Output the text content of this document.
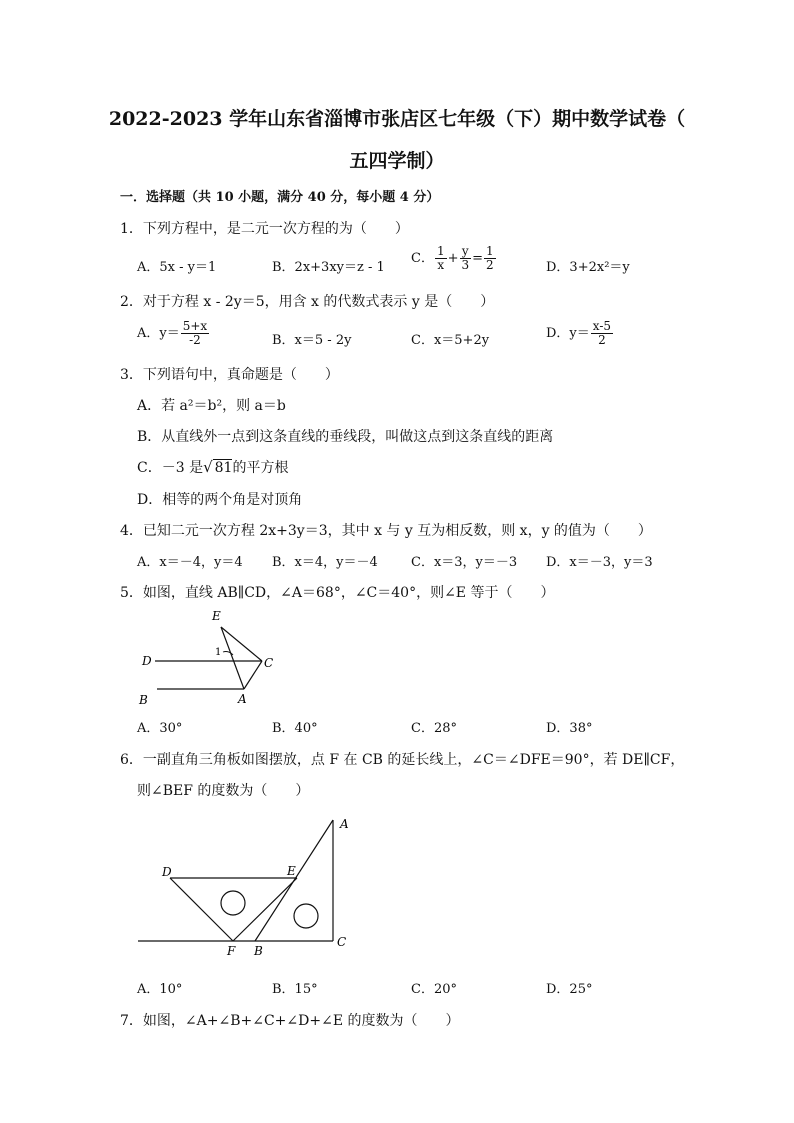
2022-2023 学年山东省淄博市张店区七年级（下）期中数学试卷（
五四学制）
一．选择题（共 10 小题，满分 40 分，每小题 4 分）
1．下列方程中，是二元一次方程的为（　　）
A．5x - y＝1	B．2x+3xy＝z - 1
C． $\frac{1}{x} + \frac{y}{3} = \frac{1}{2}$	D．3+2x²＝y
2．对于方程 x - 2y＝5，用含 x 的代数式表示 y 是（　　）
A．$y= \frac{5+x}{-2}$	B．x＝5 - 2y	C．x＝5+2y	D．$y= \frac{x-5}{2}$
3．下列语句中，真命题是（　　）
A．若 a²＝b²，则 a＝b
B．从直线外一点到这条直线的垂线段，叫做这点到这条直线的距离
C．－3 是√ 81的平方根
D．相等的两个角是对顶角
4．已知二元一次方程 2x+3y＝3，其中 x 与 y 互为相反数，则 x，y 的值为（　　）
A．x＝－4，y＝4 B．x＝4，y＝－4	C．x＝3，y＝－3 D．x＝－3，y＝3
5．如图，直线 AB∥CD，∠A＝68°，∠C＝40°，则∠E 等于（　　）
E
D	C
B	A
1
A．30°	B．40°	C．28°	D．38°
6．一副直角三角板如图摆放，点 F 在 CB 的延长线上，∠C＝∠DFE＝90°，若 DE∥CF，
则∠BEF 的度数为（　　）
A
D	E
F B
C
A．10°	B．15°	C．20°	D．25°
7．如图，∠A+∠B+∠C+∠D+∠E 的度数为（　　）
